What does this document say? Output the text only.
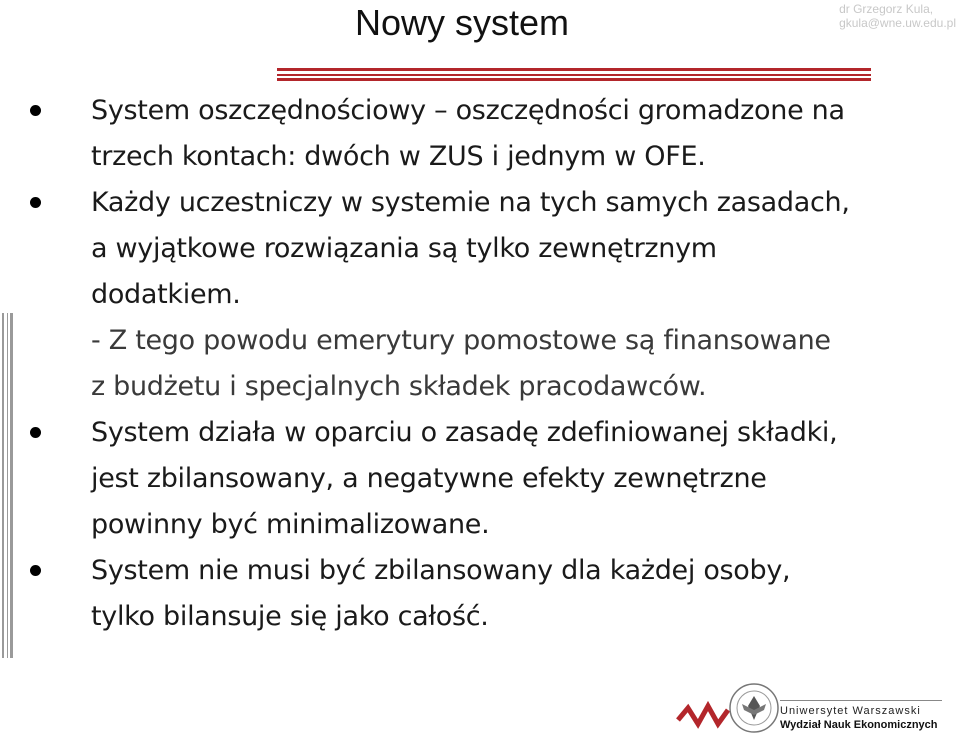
Nowy system	dr Grzegorz Kula,
gkula@wne.uw.edu.pl
System oszczędnościowy – oszczędności gromadzone na
trzech kontach: dwóch w ZUS i jednym w OFE.
Każdy uczestniczy w systemie na tych samych zasadach,
a wyjątkowe rozwiązania są tylko zewnętrznym
dodatkiem.
- Z tego powodu emerytury pomostowe są finansowane
z budżetu i specjalnych składek pracodawców.
System działa w oparciu o zasadę zdefiniowanej składki,
jest zbilansowany, a negatywne efekty zewnętrzne
powinny być minimalizowane.
System nie musi być zbilansowany dla każdej osoby,
tylko bilansuje się jako całość.
Uniwersytet Warszawski
Wydział Nauk Ekonomicznych
